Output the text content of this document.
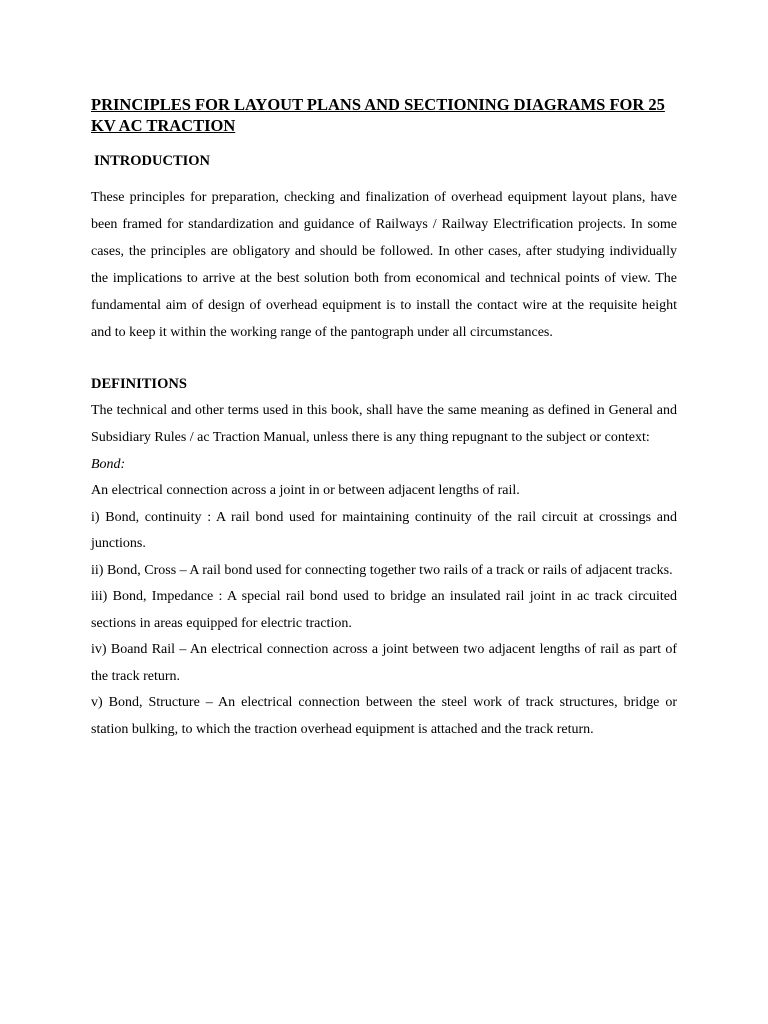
PRINCIPLES FOR LAYOUT PLANS AND SECTIONING DIAGRAMS FOR 25 KV AC TRACTION
INTRODUCTION

These principles for preparation, checking and finalization of overhead equipment layout plans, have been framed for standardization and guidance of Railways / Railway Electrification projects. In some cases, the principles are obligatory and should be followed. In other cases, after studying individually the implications to arrive at the best solution both from economical and technical points of view. The fundamental aim of design of overhead equipment is to install the contact wire at the requisite height and to keep it within the working range of the pantograph under all circumstances.

DEFINITIONS

The technical and other terms used in this book, shall have the same meaning as defined in General and Subsidiary Rules / ac Traction Manual, unless there is any thing repugnant to the subject or context:

Bond:

An electrical connection across a joint in or between adjacent lengths of rail.

i) Bond, continuity : A rail bond used for maintaining continuity of the rail circuit at crossings and junctions.

ii) Bond, Cross – A rail bond used for connecting together two rails of a track or rails of adjacent tracks.

iii) Bond, Impedance : A special rail bond used to bridge an insulated rail joint in ac track circuited sections in areas equipped for electric traction.

iv) Boand Rail – An electrical connection across a joint between two adjacent lengths of rail as part of the track return.

v) Bond, Structure – An electrical connection between the steel work of track structures, bridge or station bulking, to which the traction overhead equipment is attached and the track return.
